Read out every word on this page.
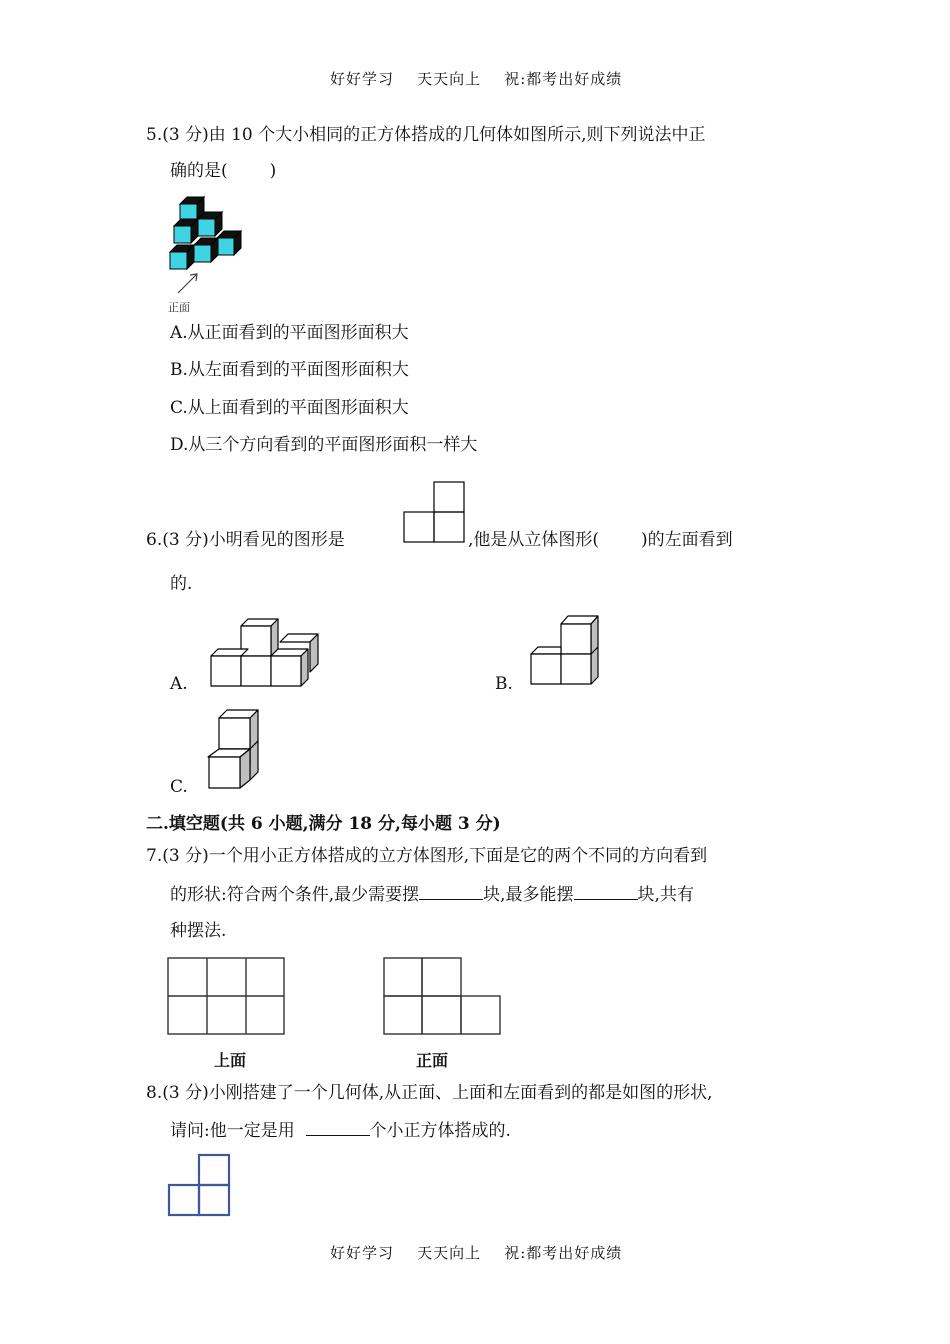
好好学习 天天向上 祝:都考出好成绩
5.(3 分)由 10 个大小相同的正方体搭成的几何体如图所示,则下列说法中正
确的是( )
正面
A.从正面看到的平面图形面积大
B.从左面看到的平面图形面积大
C.从上面看到的平面图形面积大
D.从三个方向看到的平面图形面积一样大
6.(3 分)小明看见的图形是	,他是从立体图形( )的左面看到
的.
A.	B.
C.
二.填空题(共 6 小题,满分 18 分,每小题 3 分)
7.(3 分)一个用小正方体搭成的立方体图形,下面是它的两个不同的方向看到
的形状:符合两个条件,最少需要摆	块,最多能摆	块,共有
种摆法.
上面	正面
8.(3 分)小刚搭建了一个几何体,从正面、上面和左面看到的都是如图的形状,
请问:他一定是用	个小正方体搭成的.
好好学习 天天向上 祝:都考出好成绩
